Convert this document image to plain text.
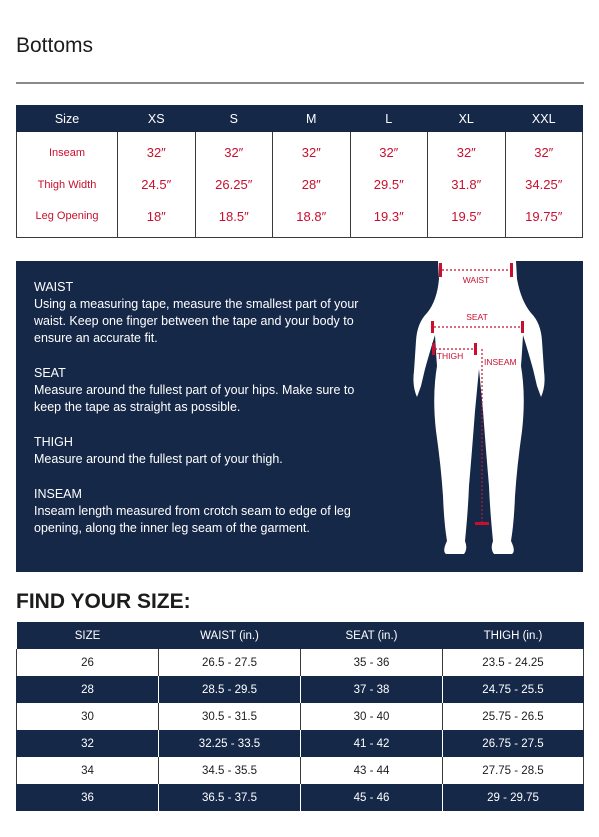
Bottoms
Size	XS	S	M	L	XL	XXL
Inseam	32″	32″	32″	32″	32″	32″
Thigh Width	24.5″	26.25″	28″	29.5″	31.8″	34.25″
Leg Opening	18″	18.5″	18.8″	19.3″	19.5″	19.75″
WAIST
Using a measuring tape, measure the smallest part of your waist. Keep one finger between the tape and your body to ensure an accurate fit.
SEAT
Measure around the fullest part of your hips. Make sure to keep the tape as straight as possible.
THIGH
Measure around the fullest part of your thigh.
INSEAM
Inseam length measured from crotch seam to edge of leg opening, along the inner leg seam of the garment.
WAIST
SEAT
THIGH
INSEAM
FIND YOUR SIZE:
SIZE	WAIST (in.)	SEAT (in.)	THIGH (in.)
26	26.5 - 27.5	35 - 36	23.5 - 24.25
28	28.5 - 29.5	37 - 38	24.75 - 25.5
30	30.5 - 31.5	30 - 40	25.75 - 26.5
32	32.25 - 33.5	41 - 42	26.75 - 27.5
34	34.5 - 35.5	43 - 44	27.75 - 28.5
36	36.5 - 37.5	45 - 46	29 - 29.75
